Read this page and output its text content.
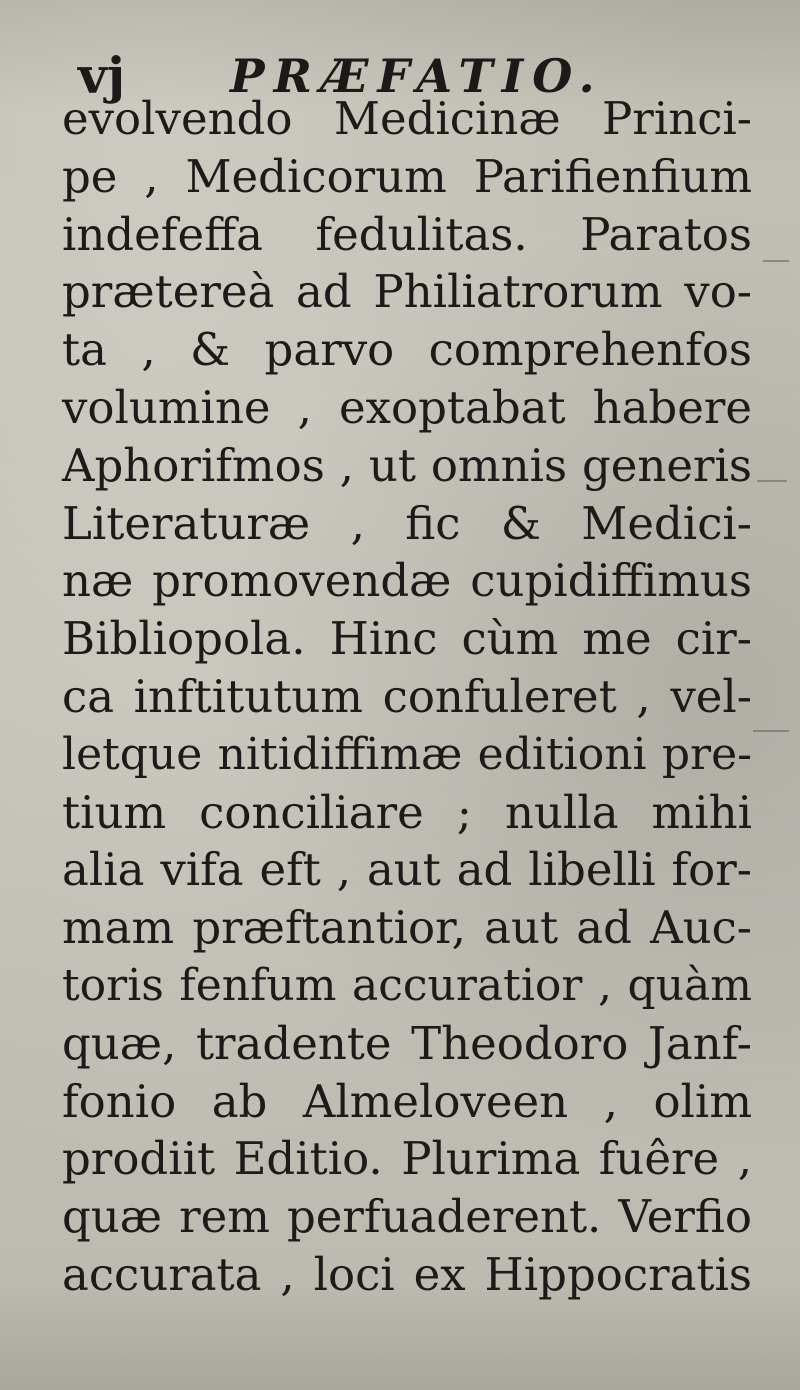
vj PRÆFATIO.
evolvendo Medicinæ Princi-
pe , Medicorum Parifienfium
indefeffa fedulitas. Paratos
prætereà ad Philiatrorum vo-
ta , & parvo comprehenfos
volumine , exoptabat habere
Aphorifmos , ut omnis generis
Literaturæ , fic & Medici-
næ promovendæ cupidiffimus
Bibliopola. Hinc cùm me cir-
ca inftitutum confuleret , vel-
letque nitidiffimæ editioni pre-
tium conciliare ; nulla mihi
alia vifa eft , aut ad libelli for-
mam præftantior, aut ad Auc-
toris fenfum accuratior , quàm
quæ, tradente Theodoro Janf-
fonio ab Almeloveen , olim
prodiit Editio. Plurima fuêre ,
quæ rem perfuaderent. Verfio
accurata , loci ex Hippocratis
